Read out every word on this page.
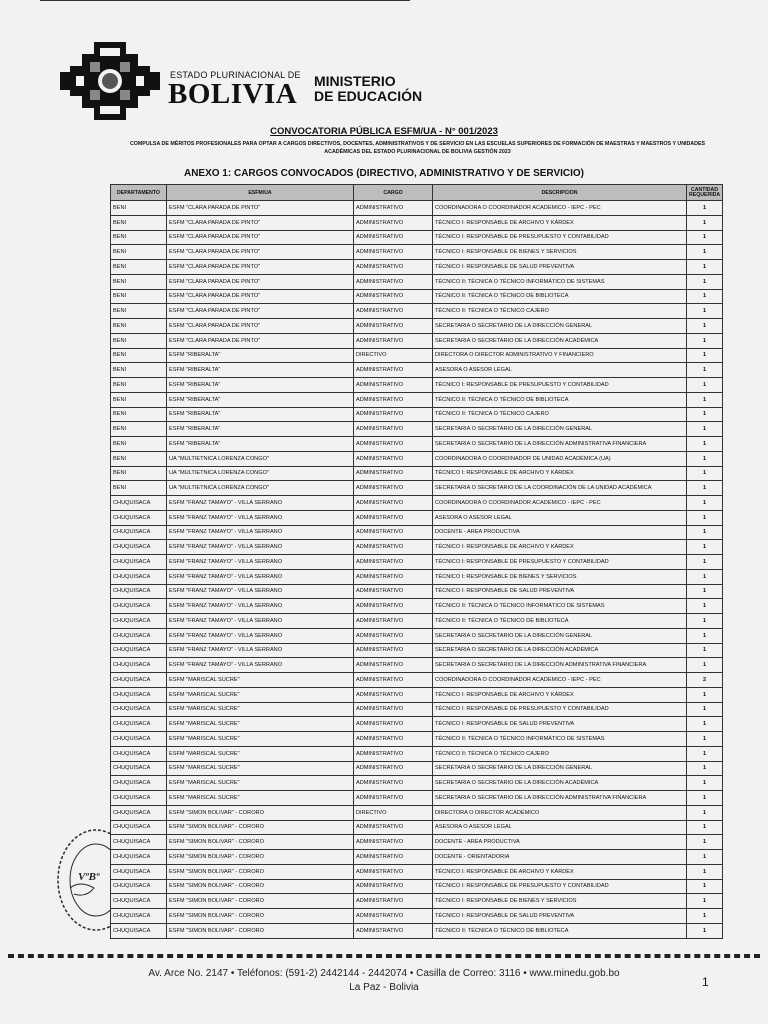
ESTADO PLURINACIONAL DE
BOLIVIA MINISTERIO
DE EDUCACIÓN
CONVOCATORIA PÚBLICA ESFM/UA - N° 001/2023
COMPULSA DE MÉRITOS PROFESIONALES PARA OPTAR A CARGOS DIRECTIVOS, DOCENTES, ADMINISTRATIVOS Y DE SERVICIO EN LAS ESCUELAS SUPERIORES DE FORMACIÓN DE MAESTRAS Y MAESTROS Y UNIDADES ACADÉMICAS DEL ESTADO PLURINACIONAL DE BOLIVIA GESTIÓN 2023
ANEXO 1: CARGOS CONVOCADOS (DIRECTIVO, ADMINISTRATIVO Y DE SERVICIO)
DEPARTAMENTO	ESFM/UA	CARGO	DESCRIPCION	CANTIDAD REQUERIDA
BENI	ESFM "CLARA PARADA DE PINTO"	ADMINISTRATIVO	COORDINADORA O COORDINADOR ACADEMICO - IEPC - PEC	1
BENI	ESFM "CLARA PARADA DE PINTO"	ADMINISTRATIVO	TÉCNICO I: RESPONSABLE DE ARCHIVO Y KÁRDEX	1
BENI	ESFM "CLARA PARADA DE PINTO"	ADMINISTRATIVO	TÉCNICO I: RESPONSABLE DE PRESUPUESTO Y CONTABILIDAD	1
BENI	ESFM "CLARA PARADA DE PINTO"	ADMINISTRATIVO	TÉCNICO I: RESPONSABLE DE BIENES Y SERVICIOS	1
BENI	ESFM "CLARA PARADA DE PINTO"	ADMINISTRATIVO	TÉCNICO I: RESPONSABLE DE SALUD PREVENTIVA	1
BENI	ESFM "CLARA PARADA DE PINTO"	ADMINISTRATIVO	TÉCNICO II: TÉCNICA O TÉCNICO INFORMÁTICO DE SISTEMAS	1
BENI	ESFM "CLARA PARADA DE PINTO"	ADMINISTRATIVO	TÉCNICO II: TÉCNICA O TÉCNICO DE BIBLIOTECA	1
BENI	ESFM "CLARA PARADA DE PINTO"	ADMINISTRATIVO	TÉCNICO II: TÉCNICA O TÉCNICO CAJERO	1
BENI	ESFM "CLARA PARADA DE PINTO"	ADMINISTRATIVO	SECRETARIA O SECRETARIO DE LA DIRECCIÓN GENERAL	1
BENI	ESFM "CLARA PARADA DE PINTO"	ADMINISTRATIVO	SECRETARIA O SECRETARIO DE LA DIRECCIÓN ACADÉMICA	1
BENI	ESFM "RIBERALTA"	DIRECTIVO	DIRECTORA O DIRECTOR ADMINISTRATIVO Y FINANCIERO	1
BENI	ESFM "RIBERALTA"	ADMINISTRATIVO	ASESORA O ASESOR LEGAL	1
BENI	ESFM "RIBERALTA"	ADMINISTRATIVO	TÉCNICO I: RESPONSABLE DE PRESUPUESTO Y CONTABILIDAD	1
BENI	ESFM "RIBERALTA"	ADMINISTRATIVO	TÉCNICO II: TÉCNICA O TÉCNICO DE BIBLIOTECA	1
BENI	ESFM "RIBERALTA"	ADMINISTRATIVO	TÉCNICO II: TÉCNICA O TÉCNICO CAJERO	1
BENI	ESFM "RIBERALTA"	ADMINISTRATIVO	SECRETARIA O SECRETARIO DE LA DIRECCIÓN GENERAL	1
BENI	ESFM "RIBERALTA"	ADMINISTRATIVO	SECRETARIA O SECRETARIO DE LA DIRECCIÓN ADMINISTRATIVA FINANCIERA	1
BENI	UA "MULTIETNICA LORENZA CONGO"	ADMINISTRATIVO	COORDINADORA O COORDINADOR DE UNIDAD ACADÉMICA (UA)	1
BENI	UA "MULTIETNICA LORENZA CONGO"	ADMINISTRATIVO	TÉCNICO I: RESPONSABLE DE ARCHIVO Y KÁRDEX	1
BENI	UA "MULTIETNICA LORENZA CONGO"	ADMINISTRATIVO	SECRETARIA O SECRETARIO DE LA COORDINACIÓN DE LA UNIDAD ACADÉMICA	1
CHUQUISACA	ESFM "FRANZ TAMAYO" - VILLA SERRANO	ADMINISTRATIVO	COORDINADORA O COORDINADOR ACADEMICO - IEPC - PEC	1
CHUQUISACA	ESFM "FRANZ TAMAYO" - VILLA SERRANO	ADMINISTRATIVO	ASESORA O ASESOR LEGAL	1
CHUQUISACA	ESFM "FRANZ TAMAYO" - VILLA SERRANO	ADMINISTRATIVO	DOCENTE - AREA PRODUCTIVA	1
CHUQUISACA	ESFM "FRANZ TAMAYO" - VILLA SERRANO	ADMINISTRATIVO	TÉCNICO I: RESPONSABLE DE ARCHIVO Y KÁRDEX	1
CHUQUISACA	ESFM "FRANZ TAMAYO" - VILLA SERRANO	ADMINISTRATIVO	TÉCNICO I: RESPONSABLE DE PRESUPUESTO Y CONTABILIDAD	1
CHUQUISACA	ESFM "FRANZ TAMAYO" - VILLA SERRANO	ADMINISTRATIVO	TÉCNICO I: RESPONSABLE DE BIENES Y SERVICIOS	1
CHUQUISACA	ESFM "FRANZ TAMAYO" - VILLA SERRANO	ADMINISTRATIVO	TÉCNICO I: RESPONSABLE DE SALUD PREVENTIVA	1
CHUQUISACA	ESFM "FRANZ TAMAYO" - VILLA SERRANO	ADMINISTRATIVO	TÉCNICO II: TÉCNICA O TÉCNICO INFORMÁTICO DE SISTEMAS	1
CHUQUISACA	ESFM "FRANZ TAMAYO" - VILLA SERRANO	ADMINISTRATIVO	TÉCNICO II: TÉCNICA O TÉCNICO DE BIBLIOTECA	1
CHUQUISACA	ESFM "FRANZ TAMAYO" - VILLA SERRANO	ADMINISTRATIVO	SECRETARIA O SECRETARIO DE LA DIRECCIÓN GENERAL	1
CHUQUISACA	ESFM "FRANZ TAMAYO" - VILLA SERRANO	ADMINISTRATIVO	SECRETARIA O SECRETARIO DE LA DIRECCIÓN ACADÉMICA	1
CHUQUISACA	ESFM "FRANZ TAMAYO" - VILLA SERRANO	ADMINISTRATIVO	SECRETARIA O SECRETARIO DE LA DIRECCIÓN ADMINISTRATIVA FINANCIERA	1
CHUQUISACA	ESFM "MARISCAL SUCRE"	ADMINISTRATIVO	COORDINADORA O COORDINADOR ACADEMICO - IEPC - PEC	2
CHUQUISACA	ESFM "MARISCAL SUCRE"	ADMINISTRATIVO	TÉCNICO I: RESPONSABLE DE ARCHIVO Y KÁRDEX	1
CHUQUISACA	ESFM "MARISCAL SUCRE"	ADMINISTRATIVO	TÉCNICO I: RESPONSABLE DE PRESUPUESTO Y CONTABILIDAD	1
CHUQUISACA	ESFM "MARISCAL SUCRE"	ADMINISTRATIVO	TÉCNICO I: RESPONSABLE DE SALUD PREVENTIVA	1
CHUQUISACA	ESFM "MARISCAL SUCRE"	ADMINISTRATIVO	TÉCNICO II: TÉCNICA O TÉCNICO INFORMÁTICO DE SISTEMAS	1
CHUQUISACA	ESFM "MARISCAL SUCRE"	ADMINISTRATIVO	TÉCNICO II: TÉCNICA O TÉCNICO CAJERO	1
CHUQUISACA	ESFM "MARISCAL SUCRE"	ADMINISTRATIVO	SECRETARIA O SECRETARIO DE LA DIRECCIÓN GENERAL	1
CHUQUISACA	ESFM "MARISCAL SUCRE"	ADMINISTRATIVO	SECRETARIA O SECRETARIO DE LA DIRECCIÓN ACADÉMICA	1
CHUQUISACA	ESFM "MARISCAL SUCRE"	ADMINISTRATIVO	SECRETARIA O SECRETARIO DE LA DIRECCIÓN ADMINISTRATIVA FINANCIERA	1
CHUQUISACA	ESFM "SIMON BOLIVAR" - CORORO	DIRECTIVO	DIRECTORA O DIRECTOR ACADÉMICO	1
CHUQUISACA	ESFM "SIMON BOLIVAR" - CORORO	ADMINISTRATIVO	ASESORA O ASESOR LEGAL	1
CHUQUISACA	ESFM "SIMON BOLIVAR" - CORORO	ADMINISTRATIVO	DOCENTE - AREA PRODUCTIVA	1
CHUQUISACA	ESFM "SIMON BOLIVAR" - CORORO	ADMINISTRATIVO	DOCENTE - ORIENTADORIA	1
CHUQUISACA	ESFM "SIMON BOLIVAR" - CORORO	ADMINISTRATIVO	TÉCNICO I: RESPONSABLE DE ARCHIVO Y KÁRDEX	1
CHUQUISACA	ESFM "SIMON BOLIVAR" - CORORO	ADMINISTRATIVO	TÉCNICO I: RESPONSABLE DE PRESUPUESTO Y CONTABILIDAD	1
CHUQUISACA	ESFM "SIMON BOLIVAR" - CORORO	ADMINISTRATIVO	TÉCNICO I: RESPONSABLE DE BIENES Y SERVICIOS	1
CHUQUISACA	ESFM "SIMON BOLIVAR" - CORORO	ADMINISTRATIVO	TÉCNICO I: RESPONSABLE DE SALUD PREVENTIVA	1
CHUQUISACA	ESFM "SIMON BOLIVAR" - CORORO	ADMINISTRATIVO	TÉCNICO II: TÉCNICA O TÉCNICO DE BIBLIOTECA	1
VºBº
Av. Arce No. 2147 • Teléfonos: (591-2) 2442144 - 2442074 • Casilla de Correo: 3116 • www.minedu.gob.bo
La Paz - Bolivia	1
